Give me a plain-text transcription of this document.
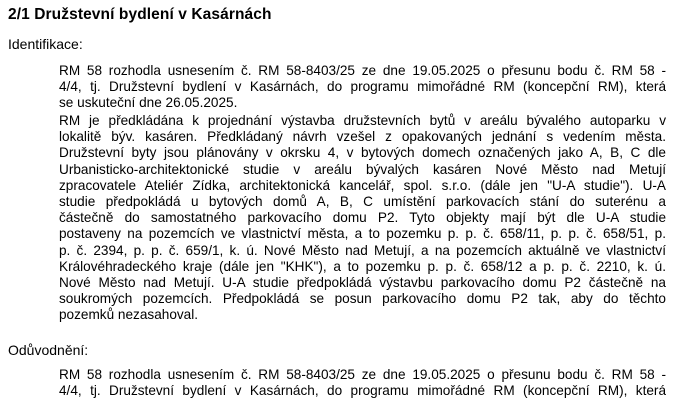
2/1 Družstevní bydlení v Kasárnách
Identifikace:
RM 58 rozhodla usnesením č. RM 58-8403/25 ze dne 19.05.2025 o přesunu bodu č. RM 58 -
4/4, tj. Družstevní bydlení v Kasárnách, do programu mimořádné RM (koncepční RM), která
se uskuteční dne 26.05.2025.
RM je předkládána k projednání výstavba družstevních bytů v areálu bývalého autoparku v
lokalitě býv. kasáren. Předkládaný návrh vzešel z opakovaných jednání s vedením města.
Družstevní byty jsou plánovány v okrsku 4, v bytových domech označených jako A, B, C dle
Urbanisticko-architektonické studie v areálu bývalých kasáren Nové Město nad Metují
zpracovatele Ateliér Zídka, architektonická kancelář, spol. s.r.o. (dále jen "U-A studie"). U-A
studie předpokládá u bytových domů A, B, C umístění parkovacích stání do suterénu a
částečně do samostatného parkovacího domu P2. Tyto objekty mají být dle U-A studie
postaveny na pozemcích ve vlastnictví města, a to pozemku p. p. č. 658/11, p. p. č. 658/51, p.
p. č. 2394, p. p. č. 659/1, k. ú. Nové Město nad Metují, a na pozemcích aktuálně ve vlastnictví
Královéhradeckého kraje (dále jen "KHK"), a to pozemku p. p. č. 658/12 a p. p. č. 2210, k. ú.
Nové Město nad Metují. U-A studie předpokládá výstavbu parkovacího domu P2 částečně na
soukromých pozemcích. Předpokládá se posun parkovacího domu P2 tak, aby do těchto
pozemků nezasahoval.
Odůvodnění:
RM 58 rozhodla usnesením č. RM 58-8403/25 ze dne 19.05.2025 o přesunu bodu č. RM 58 -
4/4, tj. Družstevní bydlení v Kasárnách, do programu mimořádné RM (koncepční RM), která
